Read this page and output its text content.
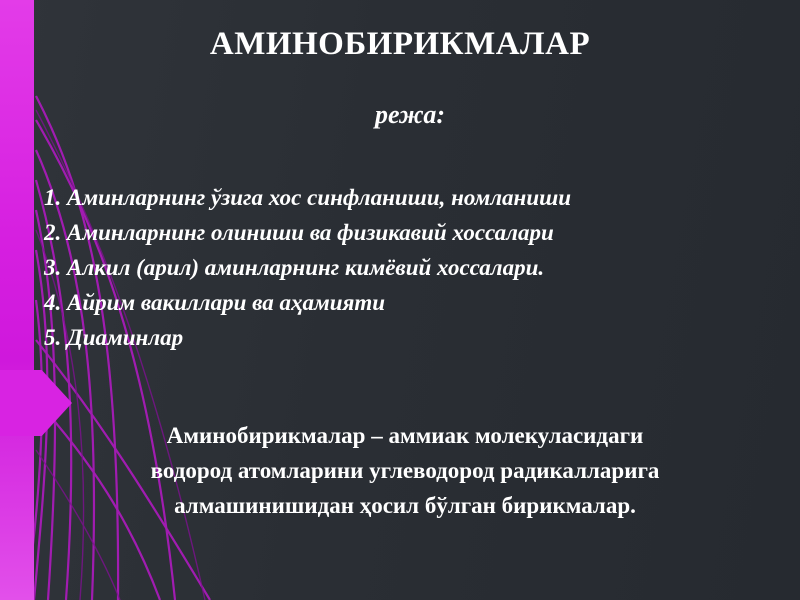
АМИНОБИРИКМАЛАР
режа:
1. Аминларнинг ўзига хос синфланиши, номланиши
2. Аминларнинг олиниши ва физикавий хоссалари
3. Алкил (арил) аминларнинг кимёвий хоссалари.
4. Айрим вакиллари ва аҳамияти
5. Диаминлар
Аминобирикмалар – аммиак молекуласидаги
водород атомларини углеводород радикалларига
алмашинишидан ҳосил бўлган бирикмалар.
